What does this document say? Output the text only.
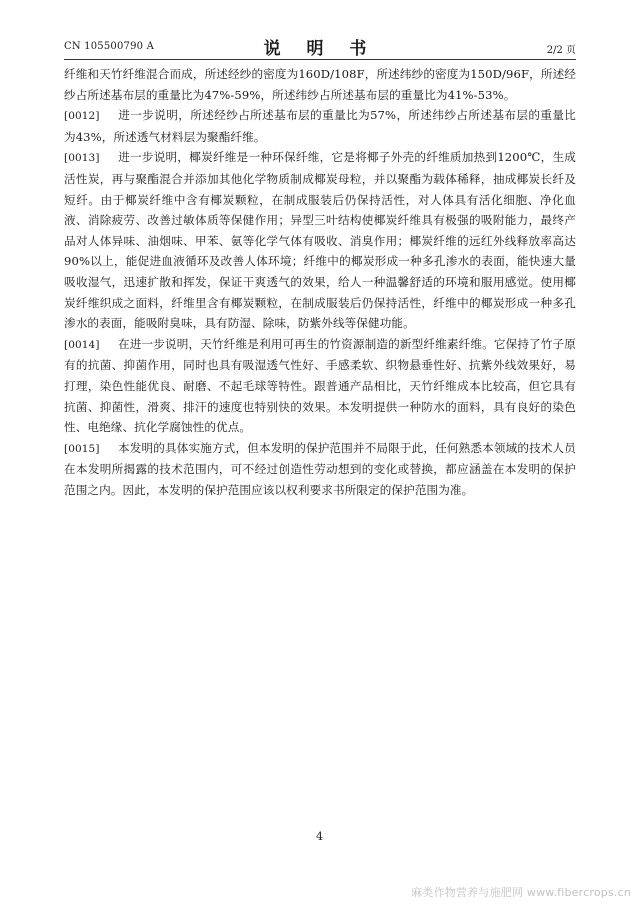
CN 105500790 A	说 明 书	2/2 页

纤维和天竹纤维混合而成，所述经纱的密度为160D/108F，所述纬纱的密度为150D/96F，所述经纱占所述基布层的重量比为47%-59%，所述纬纱占所述基布层的重量比为41%-53%。

[0012] 进一步说明，所述经纱占所述基布层的重量比为57%，所述纬纱占所述基布层的重量比为43%，所述透气材料层为聚酯纤维。

[0013] 进一步说明，椰炭纤维是一种环保纤维，它是将椰子外壳的纤维质加热到1200℃，生成活性炭，再与聚酯混合并添加其他化学物质制成椰炭母粒，并以聚酯为载体稀释，抽成椰炭长纤及短纤。由于椰炭纤维中含有椰炭颗粒，在制成服装后仍保持活性，对人体具有活化细胞、净化血液、消除疲劳、改善过敏体质等保健作用；异型三叶结构使椰炭纤维具有极强的吸附能力，最终产品对人体异味、油烟味、甲苯、氨等化学气体有吸收、消臭作用；椰炭纤维的远红外线释放率高达90%以上，能促进血液循环及改善人体环境；纤维中的椰炭形成一种多孔渗水的表面，能快速大量吸收湿气，迅速扩散和挥发，保证干爽透气的效果，给人一种温馨舒适的环境和服用感觉。使用椰炭纤维织成之面料，纤维里含有椰炭颗粒，在制成服装后仍保持活性，纤维中的椰炭形成一种多孔渗水的表面，能吸附臭味，具有防湿、除味，防紫外线等保健功能。

[0014] 在进一步说明，天竹纤维是利用可再生的竹资源制造的新型纤维素纤维。它保持了竹子原有的抗菌、抑菌作用，同时也具有吸湿透气性好、手感柔软、织物悬垂性好、抗紫外线效果好，易打理，染色性能优良、耐磨、不起毛球等特性。跟普通产品相比，天竹纤维成本比较高，但它具有抗菌、抑菌性，滑爽、排汗的速度也特别快的效果。本发明提供一种防水的面料，具有良好的染色性、电绝缘、抗化学腐蚀性的优点。

[0015] 本发明的具体实施方式，但本发明的保护范围并不局限于此，任何熟悉本领域的技术人员在本发明所揭露的技术范围内，可不经过创造性劳动想到的变化或替换，都应涵盖在本发明的保护范围之内。因此，本发明的保护范围应该以权利要求书所限定的保护范围为准。

4
麻类作物营养与施肥网 www.fibercrops.cn
